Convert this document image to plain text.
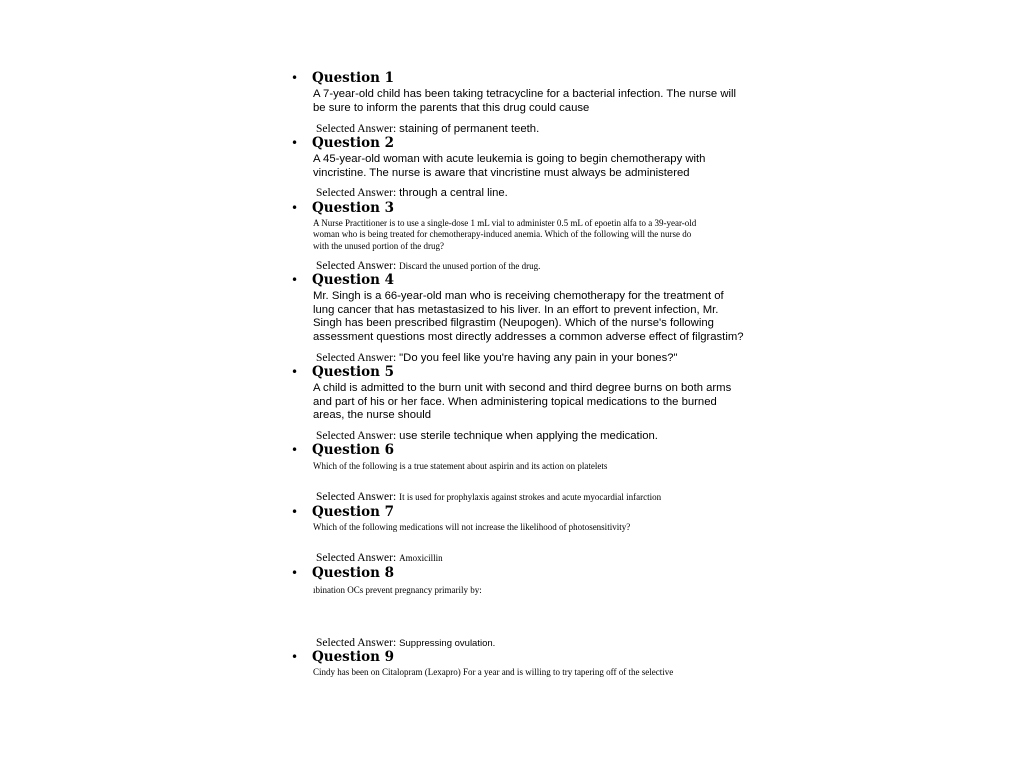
• Question 1
A 7-year-old child has been taking tetracycline for a bacterial infection. The nurse will
be sure to inform the parents that this drug could cause
Selected Answer: staining of permanent teeth.
• Question 2
A 45-year-old woman with acute leukemia is going to begin chemotherapy with
vincristine. The nurse is aware that vincristine must always be administered
Selected Answer: through a central line.
• Question 3
A Nurse Practitioner is to use a single-dose 1 mL vial to administer 0.5 mL of epoetin alfa to a 39-year-old
woman who is being treated for chemotherapy-induced anemia. Which of the following will the nurse do
with the unused portion of the drug?
Selected Answer: Discard the unused portion of the drug.
• Question 4
Mr. Singh is a 66-year-old man who is receiving chemotherapy for the treatment of
lung cancer that has metastasized to his liver. In an effort to prevent infection, Mr.
Singh has been prescribed filgrastim (Neupogen). Which of the nurse's following
assessment questions most directly addresses a common adverse effect of filgrastim?
Selected Answer: "Do you feel like you're having any pain in your bones?"
• Question 5
A child is admitted to the burn unit with second and third degree burns on both arms
and part of his or her face. When administering topical medications to the burned
areas, the nurse should
Selected Answer: use sterile technique when applying the medication.
• Question 6
Which of the following is a true statement about aspirin and its action on platelets
Selected Answer: It is used for prophylaxis against strokes and acute myocardial infarction
• Question 7
Which of the following medications will not increase the likelihood of photosensitivity?
Selected Answer: Amoxicillin
• Question 8
ıbination OCs prevent pregnancy primarily by:
Selected Answer: Suppressing ovulation.
• Question 9
Cindy has been on Citalopram (Lexapro) For a year and is willing to try tapering off of the selective
